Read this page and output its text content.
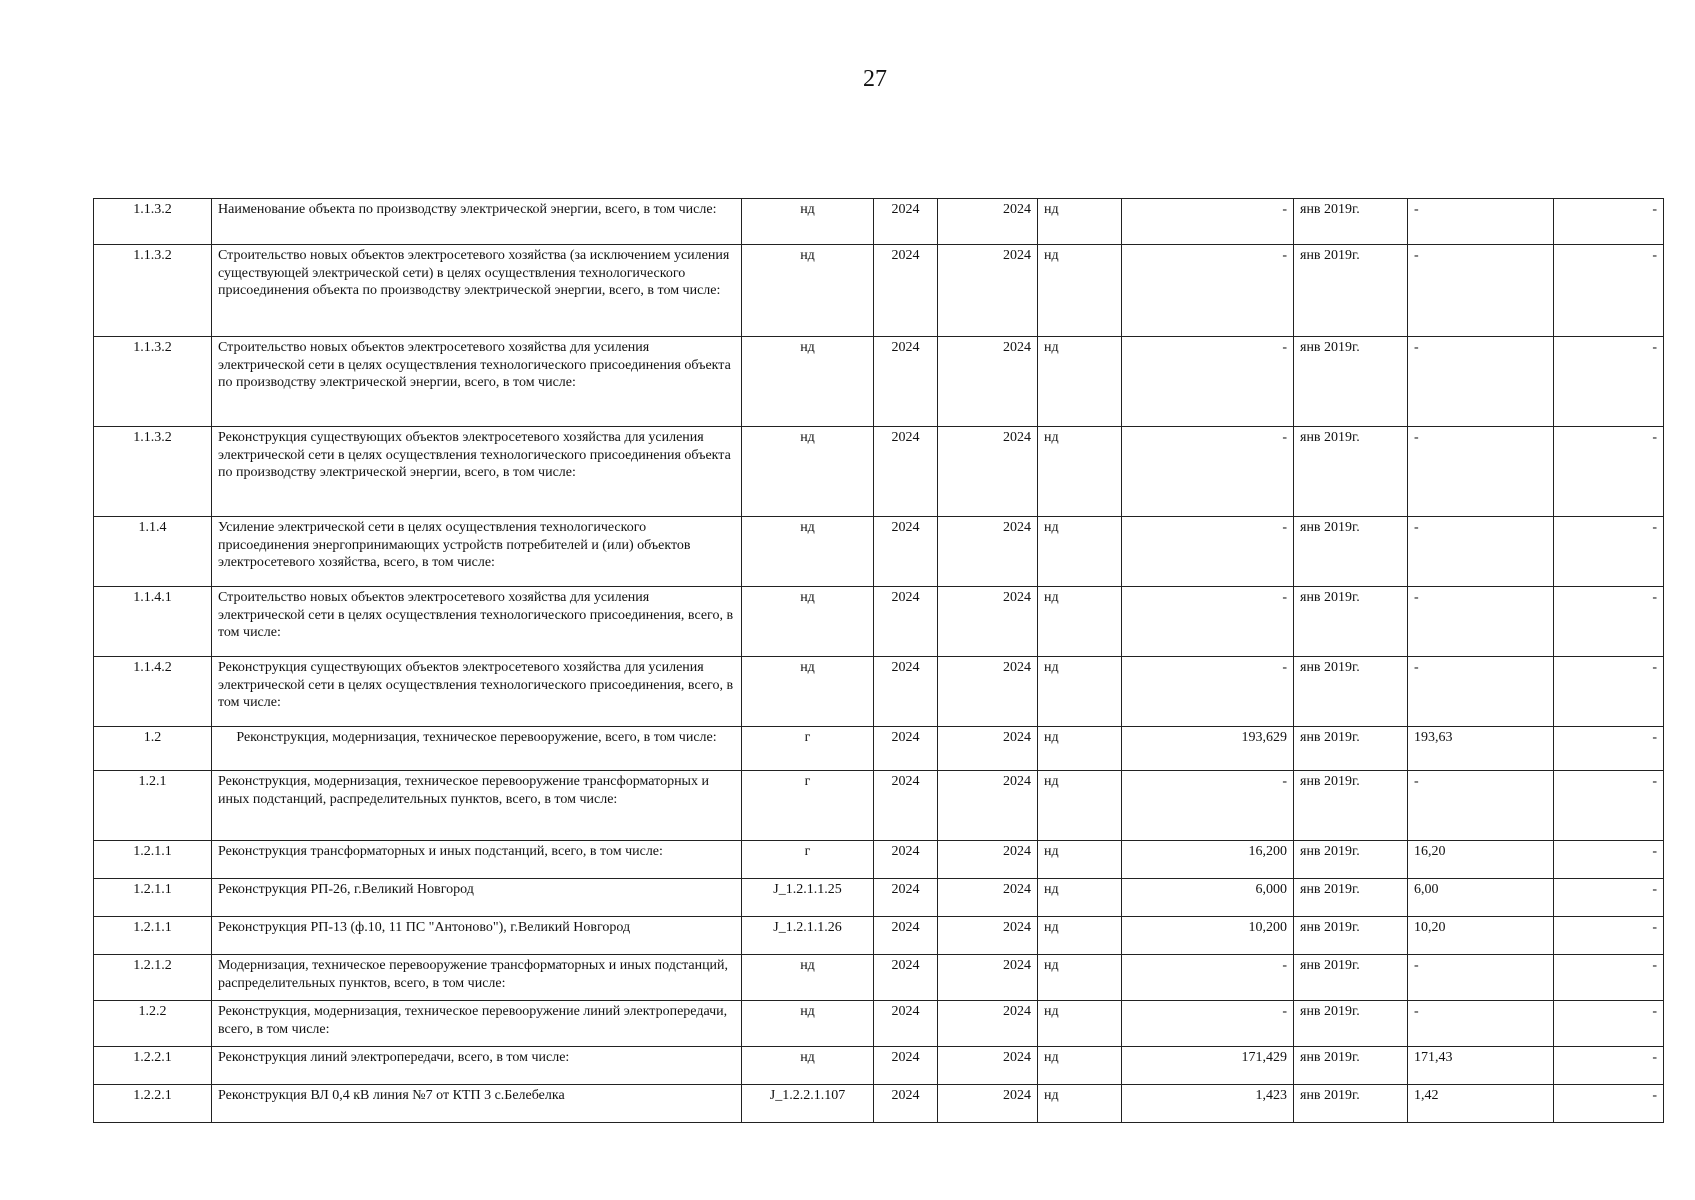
27
1.1.3.2	Наименование объекта по производству электрической энергии, всего, в том числе:	нд	2024	2024	нд	-	янв 2019г.	-	-
1.1.3.2	Строительство новых объектов электросетевого хозяйства (за исключением усиления существующей электрической сети) в целях осуществления технологического присоединения объекта по производству электрической энергии, всего, в том числе:	нд	2024	2024	нд	-	янв 2019г.	-	-
1.1.3.2	Строительство новых объектов электросетевого хозяйства для усиления электрической сети в целях осуществления технологического присоединения объекта по производству электрической энергии, всего, в том числе:	нд	2024	2024	нд	-	янв 2019г.	-	-
1.1.3.2	Реконструкция существующих объектов электросетевого хозяйства для усиления электрической сети в целях осуществления технологического присоединения объекта по производству электрической энергии, всего, в том числе:	нд	2024	2024	нд	-	янв 2019г.	-	-
1.1.4	Усиление электрической сети в целях осуществления технологического присоединения энергопринимающих устройств потребителей и (или) объектов электросетевого хозяйства, всего, в том числе:	нд	2024	2024	нд	-	янв 2019г.	-	-
1.1.4.1	Строительство новых объектов электросетевого хозяйства для усиления электрической сети в целях осуществления технологического присоединения, всего, в том числе:	нд	2024	2024	нд	-	янв 2019г.	-	-
1.1.4.2	Реконструкция существующих объектов электросетевого хозяйства для усиления электрической сети в целях осуществления технологического присоединения, всего, в том числе:	нд	2024	2024	нд	-	янв 2019г.	-	-
1.2	Реконструкция, модернизация, техническое перевооружение, всего, в том числе:	г	2024	2024	нд	193,629	янв 2019г.	193,63	-
1.2.1	Реконструкция, модернизация, техническое перевооружение трансформаторных и иных подстанций, распределительных пунктов, всего, в том числе:	г	2024	2024	нд	-	янв 2019г.	-	-
1.2.1.1	Реконструкция трансформаторных и иных подстанций, всего, в том числе:	г	2024	2024	нд	16,200	янв 2019г.	16,20	-
1.2.1.1	Реконструкция РП-26, г.Великий Новгород	J_1.2.1.1.25	2024	2024	нд	6,000	янв 2019г.	6,00	-
1.2.1.1	Реконструкция РП-13 (ф.10, 11 ПС "Антоново"), г.Великий Новгород	J_1.2.1.1.26	2024	2024	нд	10,200	янв 2019г.	10,20	-
1.2.1.2	Модернизация, техническое перевооружение трансформаторных и иных подстанций, распределительных пунктов, всего, в том числе:	нд	2024	2024	нд	-	янв 2019г.	-	-
1.2.2	Реконструкция, модернизация, техническое перевооружение линий электропередачи, всего, в том числе:	нд	2024	2024	нд	-	янв 2019г.	-	-
1.2.2.1	Реконструкция линий электропередачи, всего, в том числе:	нд	2024	2024	нд	171,429	янв 2019г.	171,43	-
1.2.2.1	Реконструкция ВЛ 0,4 кВ линия №7 от КТП 3 с.Белебелка	J_1.2.2.1.107	2024	2024	нд	1,423	янв 2019г.	1,42	-
